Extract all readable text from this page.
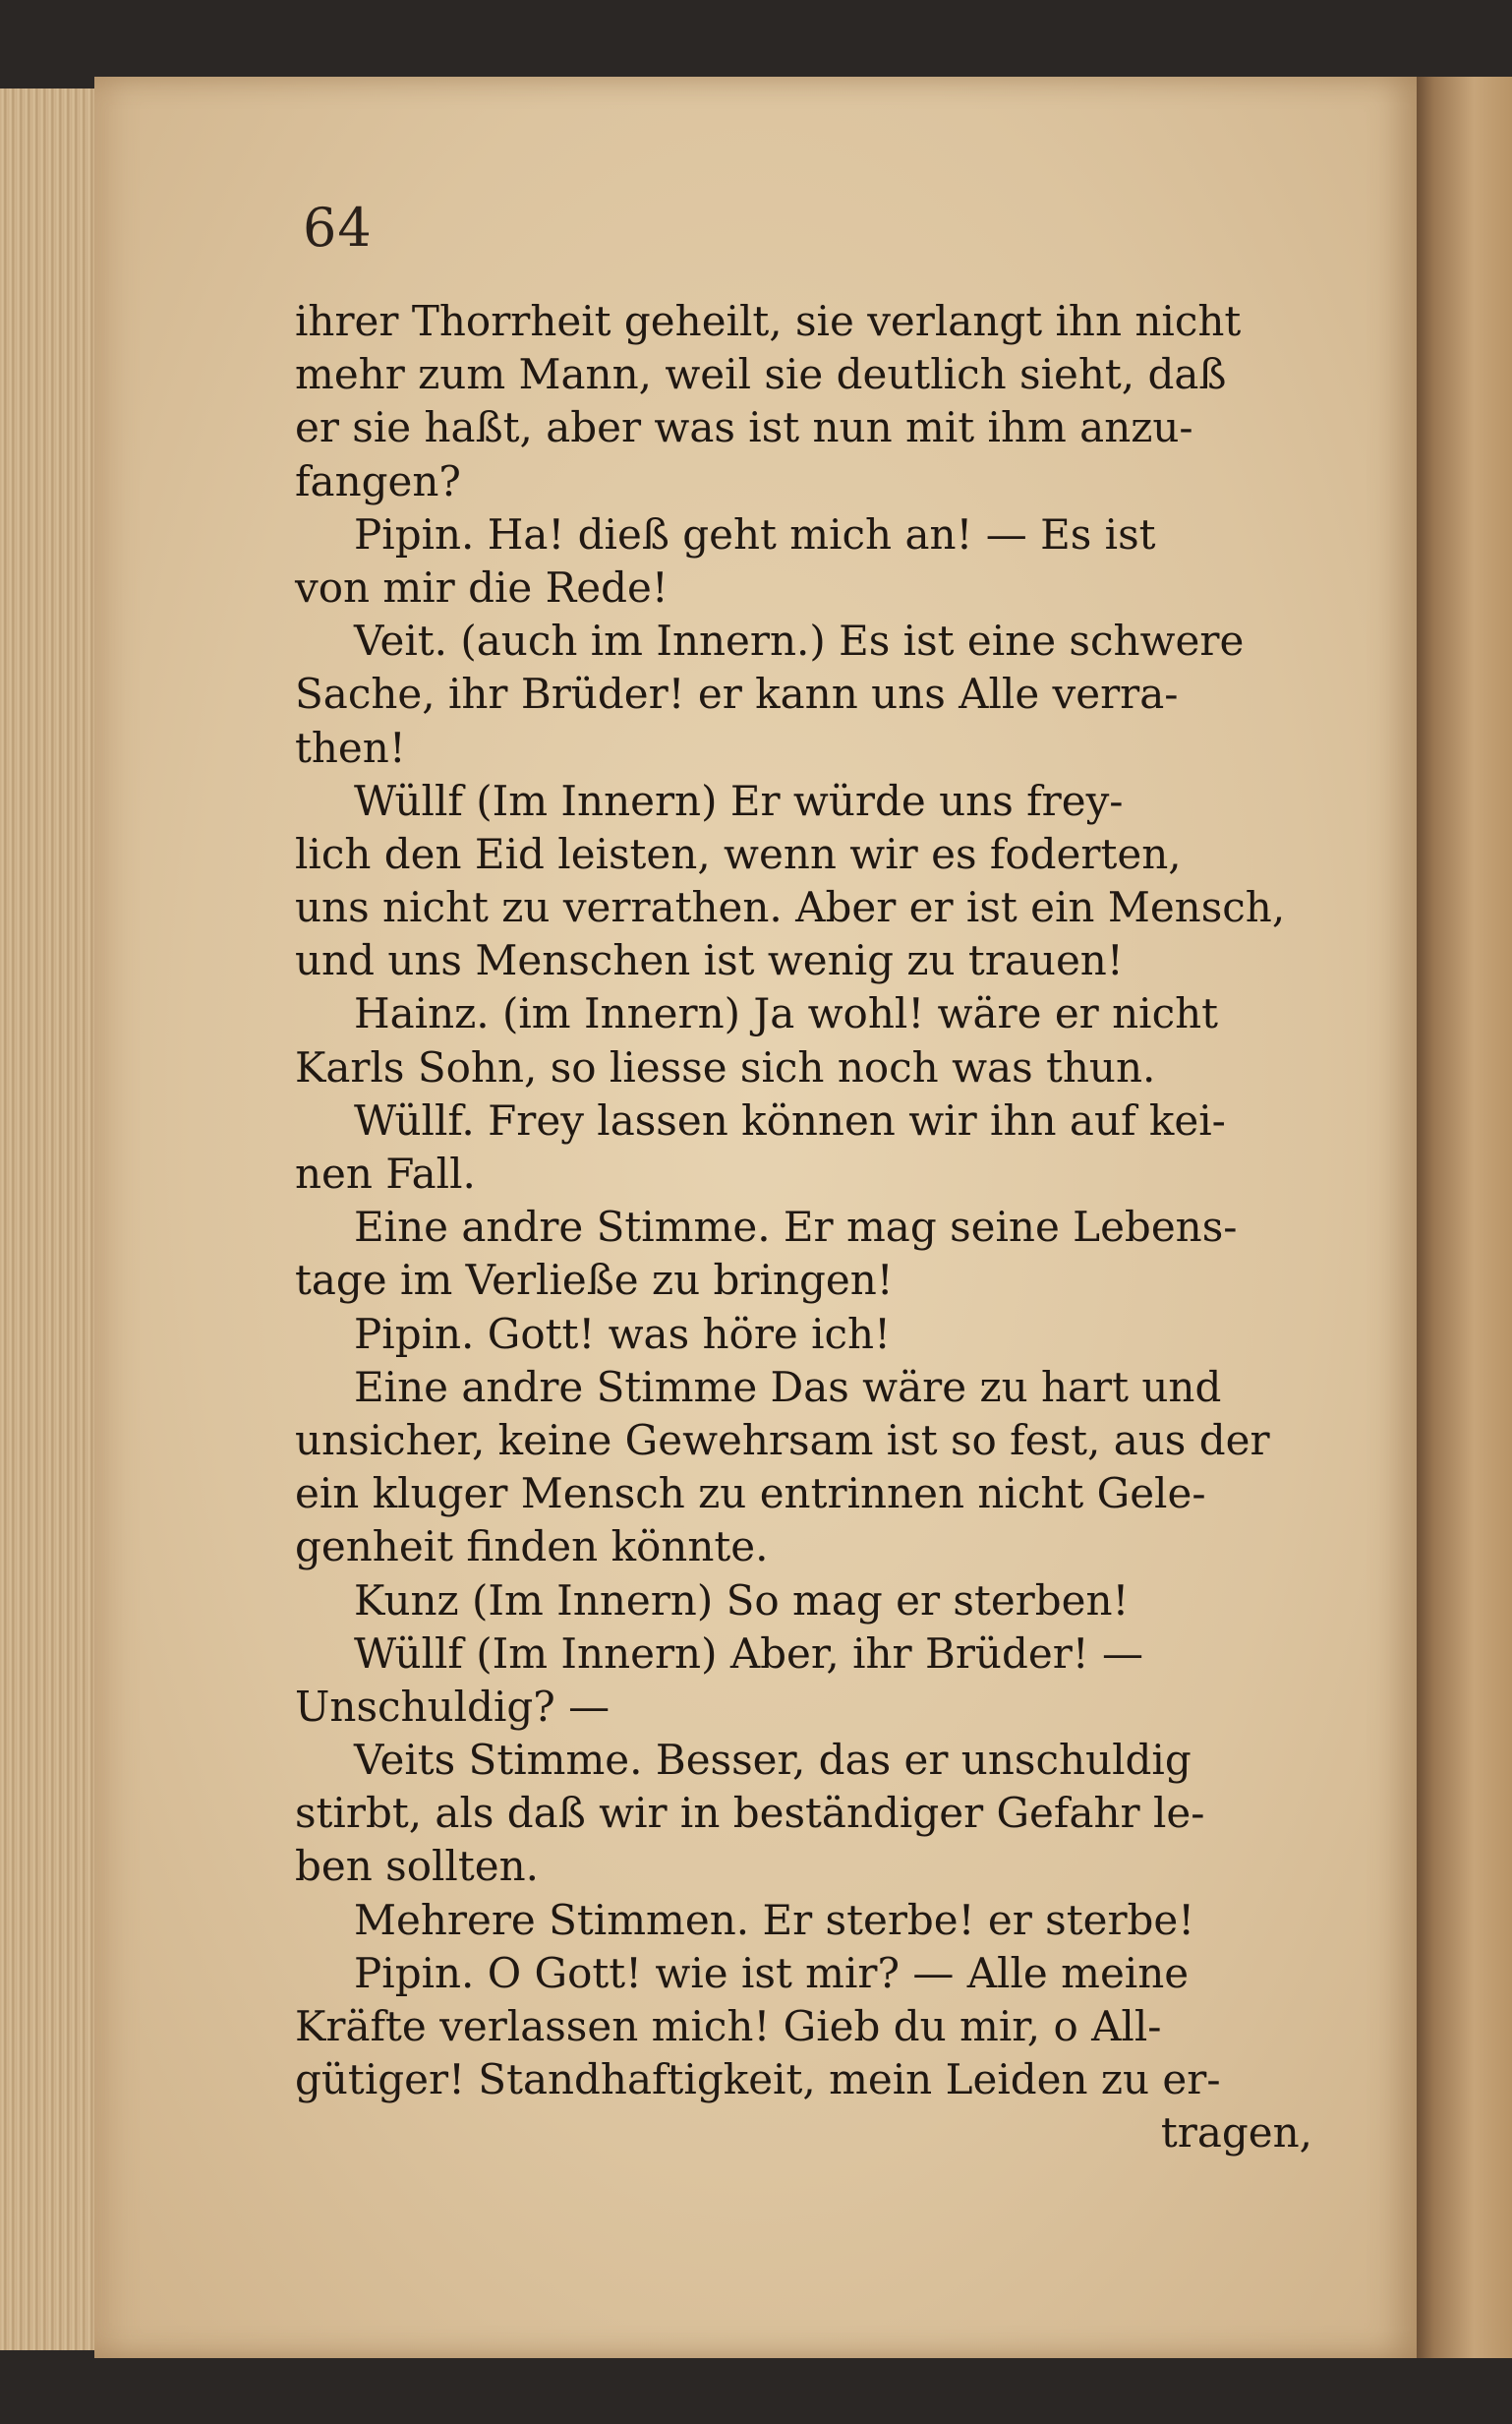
64
ihrer Thorrheit geheilt, sie verlangt ihn nicht
mehr zum Mann, weil sie deutlich sieht, daß
er sie haßt, aber was ist nun mit ihm anzu-
fangen?
Pipin. Ha! dieß geht mich an! — Es ist
von mir die Rede!
Veit. (auch im Innern.) Es ist eine schwere
Sache, ihr Brüder! er kann uns Alle verra-
then!
Wüllf (Im Innern) Er würde uns frey-
lich den Eid leisten, wenn wir es foderten,
uns nicht zu verrathen. Aber er ist ein Mensch,
und uns Menschen ist wenig zu trauen!
Hainz. (im Innern) Ja wohl! wäre er nicht
Karls Sohn, so liesse sich noch was thun.
Wüllf. Frey lassen können wir ihn auf kei-
nen Fall.
Eine andre Stimme. Er mag seine Lebens-
tage im Verließe zu bringen!
Pipin. Gott! was höre ich!
Eine andre Stimme Das wäre zu hart und
unsicher, keine Gewehrsam ist so fest, aus der
ein kluger Mensch zu entrinnen nicht Gele-
genheit finden könnte.
Kunz (Im Innern) So mag er sterben!
Wüllf (Im Innern) Aber, ihr Brüder! —
Unschuldig? —
Veits Stimme. Besser, das er unschuldig
stirbt, als daß wir in beständiger Gefahr le-
ben sollten.
Mehrere Stimmen. Er sterbe! er sterbe!
Pipin. O Gott! wie ist mir? — Alle meine
Kräfte verlassen mich! Gieb du mir, o All-
gütiger! Standhaftigkeit, mein Leiden zu er-
tragen,
